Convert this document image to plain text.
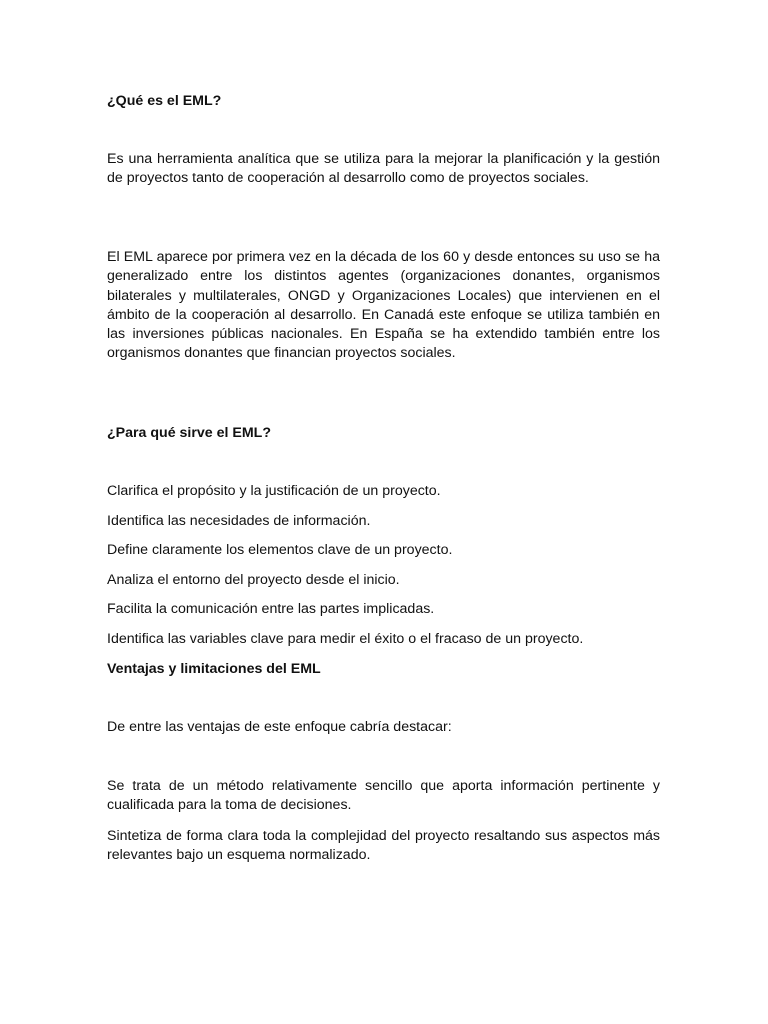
¿Qué es el EML?

Es una herramienta analítica que se utiliza para la mejorar la planificación y la gestión de proyectos tanto de cooperación al desarrollo como de proyectos sociales.

El EML aparece por primera vez en la década de los 60 y desde entonces su uso se ha generalizado entre los distintos agentes (organizaciones donantes, organismos bilaterales y multilaterales, ONGD y Organizaciones Locales) que intervienen en el ámbito de la cooperación al desarrollo. En Canadá este enfoque se utiliza también en las inversiones públicas nacionales. En España se ha extendido también entre los organismos donantes que financian proyectos sociales.

¿Para qué sirve el EML?

Clarifica el propósito y la justificación de un proyecto.

Identifica las necesidades de información.

Define claramente los elementos clave de un proyecto.

Analiza el entorno del proyecto desde el inicio.

Facilita la comunicación entre las partes implicadas.

Identifica las variables clave para medir el éxito o el fracaso de un proyecto.

Ventajas y limitaciones del EML

De entre las ventajas de este enfoque cabría destacar:

Se trata de un método relativamente sencillo que aporta información pertinente y cualificada para la toma de decisiones.

Sintetiza de forma clara toda la complejidad del proyecto resaltando sus aspectos más relevantes bajo un esquema normalizado.
